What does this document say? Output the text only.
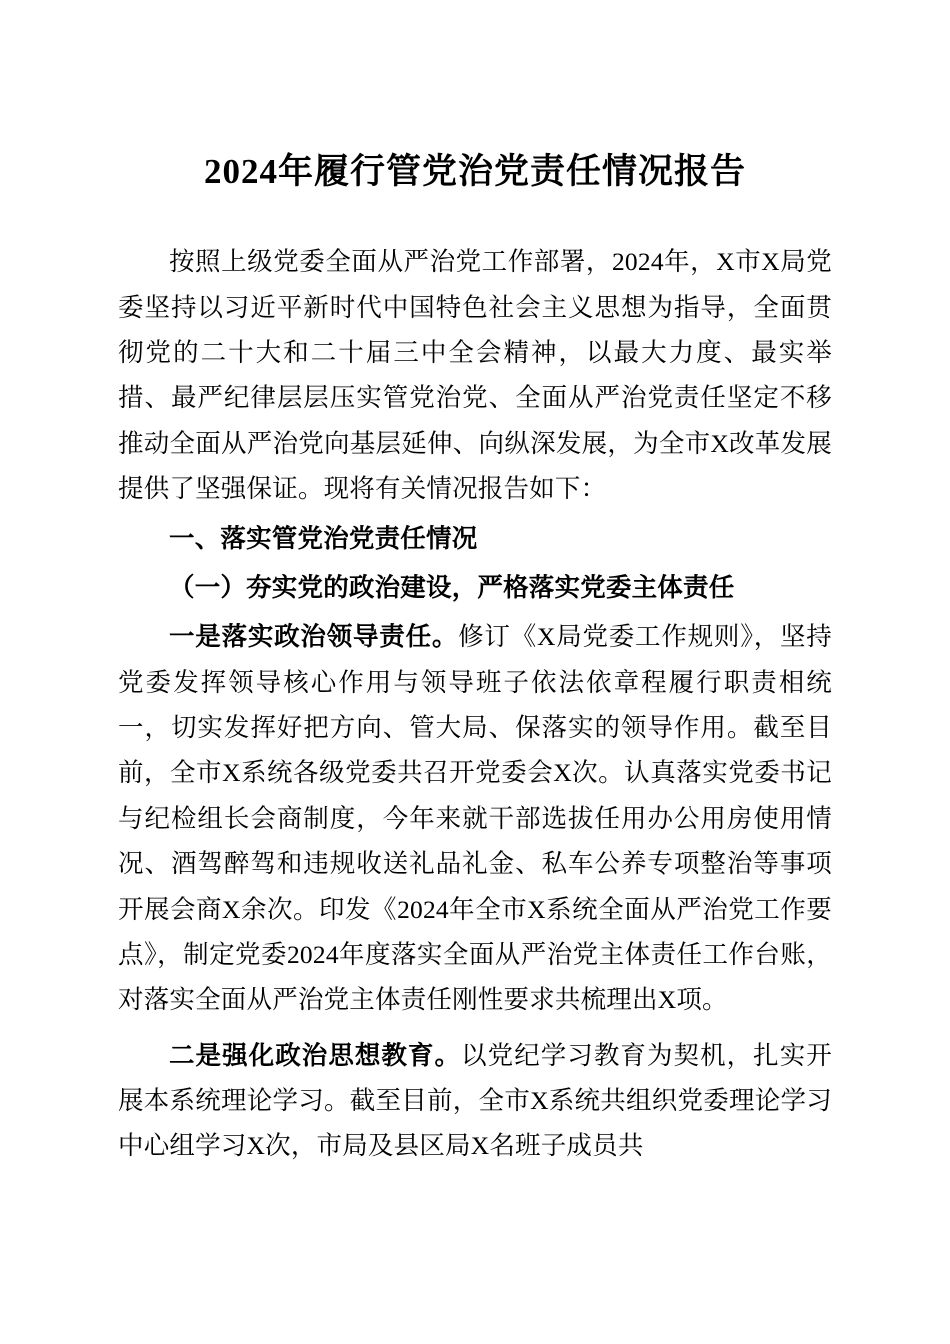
2024年履行管党治党责任情况报告

按照上级党委全面从严治党工作部署，2024年，X市X局党委坚持以习近平新时代中国特色社会主义思想为指导，全面贯彻党的二十大和二十届三中全会精神，以最大力度、最实举措、最严纪律层层压实管党治党、全面从严治党责任坚定不移推动全面从严治党向基层延伸、向纵深发展，为全市X改革发展提供了坚强保证。现将有关情况报告如下：

一、落实管党治党责任情况

（一）夯实党的政治建设，严格落实党委主体责任

一是落实政治领导责任。修订《X局党委工作规则》，坚持党委发挥领导核心作用与领导班子依法依章程履行职责相统一，切实发挥好把方向、管大局、保落实的领导作用。截至目前，全市X系统各级党委共召开党委会X次。认真落实党委书记与纪检组长会商制度，今年来就干部选拔任用办公用房使用情况、酒驾醉驾和违规收送礼品礼金、私车公养专项整治等事项开展会商X余次。印发《2024年全市X系统全面从严治党工作要点》，制定党委2024年度落实全面从严治党主体责任工作台账，对落实全面从严治党主体责任刚性要求共梳理出X项。

二是强化政治思想教育。以党纪学习教育为契机，扎实开展本系统理论学习。截至目前，全市X系统共组织党委理论学习中心组学习X次，市局及县区局X名班子成员共
